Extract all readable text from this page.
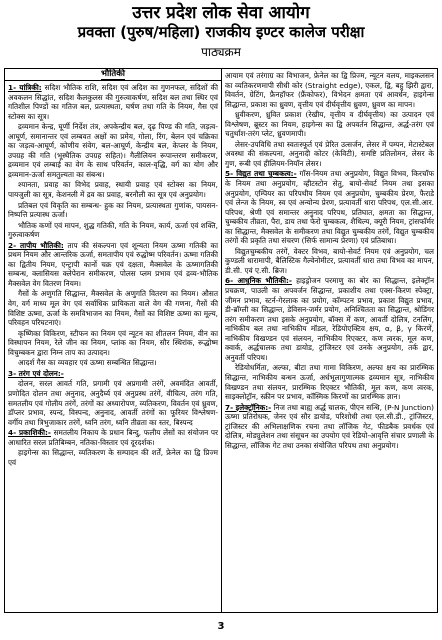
उत्तर प्रदेश लोक सेवा आयोग
प्रवक्ता (पुरुष/महिला) राजकीय इण्टर कालेज परीक्षा
पाठ्यक्रम
भौतिकी
1- यांत्रिकी: सदिश भौतिक राशि, सदिश एवं अदिश का गुणनफल, सदिशों की अवकलन सिद्धांत, सदिश कैलकुलस की गुरुत्वाकर्षण, सदिश बल तथा स्थिर एवं गतिशील पिण्डों का गतिज बल, प्रत्यास्थता, घर्षण तथा गति के नियम, गैस एवं स्टोक्स का सूत्र।
द्रव्यमान केन्द्र, घूर्णी निर्देश तंत्र, अपकेन्द्रीय बल, दृढ़ पिण्ड की गति, जड़त्व-आघूर्ण, समानान्तर एवं लम्बवत अक्षों का प्रमेय, गोला, रिंग, बेलन एवं चक्रिका का जड़त्व-आघूर्ण, कोणीय संवेग, बल-आघूर्ण, केन्द्रीय बल, केप्लर के नियम, उपग्रह की गति (भूस्थैतिक उपग्रह सहित)। गैलीलियन रूपान्तरण समीकरण, द्रव्यमान एवं लम्बाई का वेग के साथ परिवर्तन, काल-वृद्धि, वर्ग का योग और द्रव्यमान-ऊर्जा समतुल्यता का संबन्ध।
श्यानता, प्रवाह का विभेद प्रवाह, स्थायी प्रवाह एवं स्टोक्स का नियम, पायजुली का सूत्र, केशनली में द्रव का प्रवाह, बरनौली का सूत्र एवं अनुप्रयोग।
प्रतिबल एवं विकृति का सम्बन्ध- हुक का नियम, प्रत्यास्थता गुणांक, पायसन-निष्पत्ति प्रत्यास्थ ऊर्जा।
भौतिक कणों एवं मापन, शुद्ध गतिकी, गति के नियम, कार्य, ऊर्जा एवं शक्ति, गुरुत्वाकर्षण
2- तापीय भौतिकी: ताप की संकल्पना एवं शून्यता नियम ऊष्मा गतिकी का प्रथम नियम और आन्तरिक ऊर्जा, समतापीय एवं रुद्धोष्म परिवर्तन। ऊष्मा गतिकी का द्वितीय नियम, एन्ट्रापी कार्नो चक्र एवं दक्षता, मैक्सवेल के ऊष्मागतिकी सम्बन्ध, क्लासियस क्लेपेरान समीकरण, पोलस प्लम प्रभाव एवं द्रव्य-भौतिक मैक्सवेल वेग वितरण नियम।
गैसों के अणुगति सिद्धान्त, मैक्सवेल के अणुगति वितरण का नियम। औसत वेग, वर्ग माध्य मूल वेग एवं सर्वाधिक प्रायिकता वाले वेग की गणना, गैसों की विशिष्ट ऊष्मा, ऊर्जा के समविभाजन का नियम, गैसों का विशिष्ट ऊष्मा का मूल्य, परिवहन परिघटनाएं।
कृष्णिका विकिरण, स्टीफन का नियम एवं न्यूटन का शीतलन नियम, वीन का विस्थापन नियम, रेले जीन का नियम, प्लांक का नियम, सौर स्थिरांक, रूद्धोष्म विचुम्बकन द्वारा निम्न ताप का उत्पादन।
आदर्श गैस का व्यवहार एवं ऊष्मा सम्बन्धित सिद्धान्त।
3- तरंग एवं दोलन:-
दोलन, सरल आवर्त गति, प्रगामी एवं अप्रगामी तरंगें, अवमंदित आवर्ती, प्रणोदित दोलन तथा अनुनाद, अनुदैर्घ्य एवं अनुप्रस्थ तरंगें, वीचित्य, तरंग गति, समतलीय एवं गोलीय तरंगें, तरंगों का अध्यारोपण, व्यतिकरण, विवर्तन एवं ध्रुवण, डॉप्लर प्रभाव, स्पन्द, विस्पन्द, अनुनाद, आवर्ती तरंगों का फूरियर विश्लेषण- वर्गीय तथा त्रिभुजाकार तरंगें, ध्वनि तरंग, ध्वनि तीव्रता का स्तर, बिस्पन्द
4- प्रकाशिकी:- समतलीय निकाय के प्रधान बिन्दु, फलीय लेंसों का संयोजन पर आधारित सरल प्रतिबिम्बन, नतिका-विस्तार एवं दूरदर्शक।
हाइगेन्स का सिद्धान्त, व्यतिकरण के सम्पादन की शर्तें, फ्रेनेल का द्वि प्रिज्म एवं
आयाम एवं तरंगाग्र का विभाजन, फ्रेनेल का द्वि प्रिज्म, न्यूटन वलय, माइकलसन का व्यतिकरणमापी सीधी कोर (Straight edge), एकल, द्वि, बहु झिरी द्वारा, विवर्तन, ग्रेटिंग, फ्रैनहॉफर (फ्रैंकोफर), विभेदन क्षमता एवं आवर्धन, हाइगेन्स सिद्धान्त, प्रकाश का ध्रुवण, वृत्तीय एवं दीर्घवृत्तीय ध्रुवण, ध्रुवण का मापन।
ध्रुवीकरण, ध्रुवित प्रकाश (रेखीय, वृत्तीय व दीर्घवृत्तीय) का उत्पादन एवं विश्लेषण, ब्रूस्टर का नियम, हाइगेन्स का द्वि अपवर्तन सिद्धान्त, अर्द्ध-तरंग एवं चतुर्थांश-तरंग प्लेट, ध्रुवणमापी।
लेसर-उपविधि तथा स्वतःस्फूर्त एवं प्रेरित उत्सर्जन, लेसर में पम्पन, मेटास्टेबल अवस्था की संकल्पना, अनुनादी कोटर (केविटी), समष्टि प्रतिलोमन, लेसर के गुण, रूबी एवं हीलियम-नियॉन लेसर।
5- विद्युत तथा चुम्बकत्व:- गॉस-नियम तथा अनुप्रयोग, विद्युत विभव, किरचॉफ के नियम तथा अनुप्रयोग, व्हीटस्टोन सेतु, बायो-सेवर्ट नियम तथा इसका अनुप्रयोग, एम्पियर का परिपथीय नियम एवं अनुप्रयोग, चुम्बकीय प्रेरण, फैराडे एवं लेन्ज के नियम, स्व एवं अन्योन्य प्रेरण, प्रत्यावर्ती धारा परिपथ, एल.सी.आर. परिपथ, श्रेणी एवं समान्तर अनुनाद परिपथ, प्रतिघात, क्षमता का सिद्धान्त, चुम्बकीय तीव्रता, पैरा, डाय तथा फेरो चुम्बकत्व, शैथिल्य, क्यूरी नियम, ट्रांसफॉर्मर का सिद्धान्त, मैक्सवेल के समीकरण तथा विद्युत चुम्बकीय तरंगें, विद्युत चुम्बकीय तरंगों की प्रकृति तथा संचरण (सिर्फ सामान्य प्रेरणा) एवं प्रतिबाधा।
विद्युतचुम्बकीय तरंगें, वेक्टर विभव, बायो-सेवर्ट नियम एवं अनुप्रयोग, चल कुण्डली धारामापी, बैलिस्टिक गैल्वेनोमीटर, प्रत्यावर्ती धारा तथा विभव का मापन, डी.सी. एवं ए.सी. ब्रिज।
6- आधुनिक भौतिकी:- हाइड्रोजन परमाणु का बोर का सिद्धान्त, इलेक्ट्रॉन प्रचक्रण, पाउली का अपवर्जन सिद्धान्त, प्रकाशीय तथा एक्स-किरण स्पेक्ट्रा, जीमन प्रभाव, स्टर्न-गेरलाक का प्रयोग, कॉम्पटन प्रभाव, प्रकाश विद्युत प्रभाव, डी-ब्रॉग्ली का सिद्धान्त, डेविसन-जर्मर प्रयोग, अनिश्चितता का सिद्धान्त, श्रोडिंगर तरंग समीकरण तथा इसके अनुप्रयोग, बॉक्स में कण, आवर्ती दोलित्र, टनलिंग, नाभिकीय बल तथा नाभिकीय मॉडल, रेडियोएक्टिव क्षय, α, β, γ किरणें, नाभिकीय विखण्डन एवं संलयन, नाभिकीय रिएक्टर, कण त्वरक, मूल कण, क्वार्क, अर्द्धचालक तथा डायोड, ट्रांजिस्टर एवं उनके अनुप्रयोग, तर्क द्वार, अनुवर्ती परिपथ।
रेडियोधर्मिता, अल्फा, बीटा तथा गामा विकिरण, अल्फा क्षय का प्रारम्भिक सिद्धान्त, नाभिकीय बन्धन ऊर्जा, अर्धभूलागुणात्मक द्रव्यमान सूत्र, नाभिकीय विखण्डन तथा संलयन, प्रारम्भिक रिएक्टर भौतिकी, मूल कण, कण त्वरक, साइक्लोट्रॉन, स्क्रीन पर प्रभाव, कॉस्मिक किरणों का प्रारम्भिक ज्ञान।
7- इलेक्ट्रॉनिक:- निज तथा बाह्य अर्द्ध चालक, पीएन सन्धि, (P-N Junction) ऊष्मा प्रतिरोधक, जेनर एवं सौर डायोड, परिशोधी तथा एल.सी.डी., ट्रांजिस्टर, ट्रांजिस्टर की अभिलाक्षणिक रचना तथा लॉजिक गेट, फीडबैक प्रवर्धक एवं दोलित्र, मोड्युलेशन तथा संसूचन का उपयोग एवं रेडियो-आवृत्ति संचार प्रणाली के सिद्धान्त, लॉजिक गेट तथा उनका संयोजित परिपथ तथा अनुप्रयोग।
3
